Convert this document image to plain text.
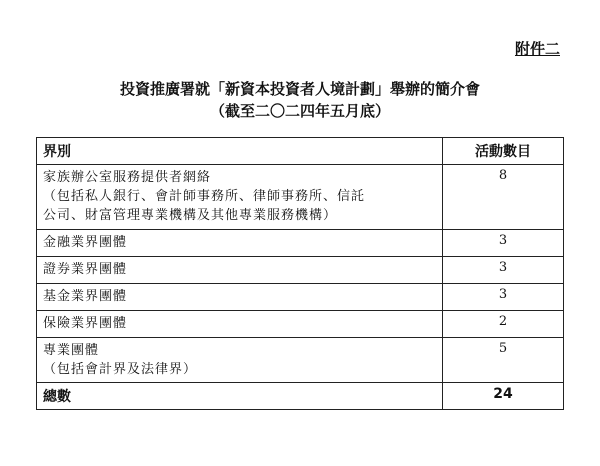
附件二
投資推廣署就「新資本投資者人境計劃」舉辦的簡介會
（截至二〇二四年五月底）
界別	活動數目

家族辦公室服務提供者網絡
（包括私人銀行、會計師事務所、律師事務所、信託
公司、財富管理專業機構及其他專業服務機構）	8

金融業界團體	3

證券業界團體	3

基金業界團體	3

保險業界團體	2

專業團體
（包括會計界及法律界）	5
總數	24
